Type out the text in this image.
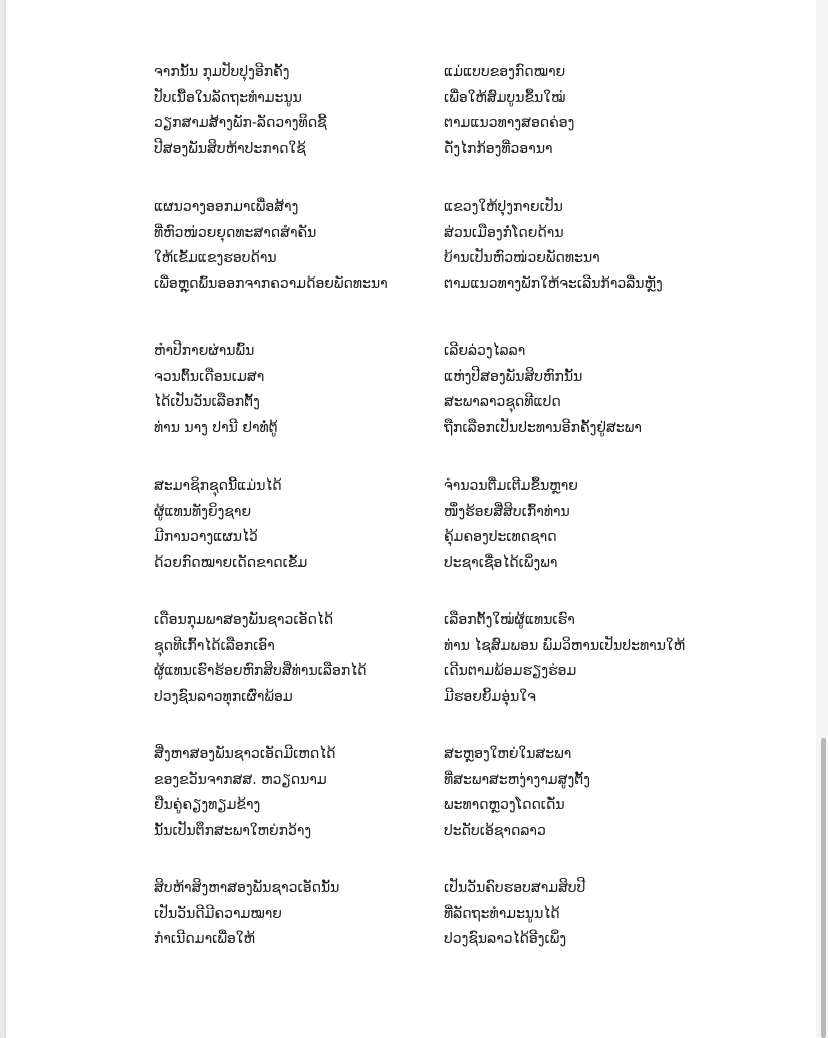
ຈາກນັ້ນ ກຸມປັບປຸງອີກຄັ້ງ
ປັບເນື້ອໃນລັດຖະທຳມະນູນ
ວຽກສາມສ້າງພັກ-ລັດວາງທິດຊີ້
ປີສອງພັນສິບຫ້າປະກາດໃຊ້
ແມ່ແບບຂອງກົດໝາຍ
ເພື່ອໃຫ້ສົມບູນຂຶ້ນໃໝ່
ຕາມແນວທາງສອດຄ່ອງ
ດັ່ງໄກກ້ອງທີ່ວອານາ
ແຜນວາງອອກມາເພື່ອສ້າງ
ທີ່ຫົວໜ່ວຍຍຸດທະສາດສຳຄັນ
ໃຫ້ເຂັ້ມແຂງຮອບດ້ານ
ເພື່ອຫຼຸດພົ້ນອອກຈາກຄວາມດ້ອຍພັດທະນາ
ແຂວງໃຫ້ປຸງກາຍເປັນ
ສ່ວນເມືອງກໍ່ໂດຍດ້ານ
ບ້ານເປັນຫົວໜ່ວຍພັດທະນາ
ຕາມແນວທາງພັກໃຫ້ຈະເລີນກ້າວລື່ນຫຼັງ
ຫຳປີກາຍຜ່ານພົ້ນ
ຈວນຕົ້ນເດືອນເມສາ
ໄດ້ເປັນວັນເລືອກຕັ້ງ
ທ່ານ ນາງ ປານີ ຢາທໍ່ຕູ້
ເລີຍລ່ວງໄລລາ
ແຫ່ງປີສອງພັນສິບຫົກນັ້ນ
ສະພາລາວຊຸດທີແປດ
ຖືກເລືອກເປັນປະທານອີກຄັ້ງຢູ່ສະພາ
ສະມາຊິກຊຸດນີ້ແມ່ນໄດ້
ຜູ້ແທນທັງຍິງຊາຍ
ມີການວາງແຜນໄວ້
ດ້ວຍກົດໝາຍເດັດຂາດເຂັ້ມ
ຈຳນວນຕື່ມເຕີມຂຶ້ນຫຼາຍ
ໜຶ່ງຮ້ອຍສີ່ສິບເກົ້າທ່ານ
ຄຸ້ມຄອງປະເທດຊາດ
ປະຊາເຊື່ອໄດ້ເພິ່ງພາ
ເດືອນກຸມພາສອງພັນຊາວເອັດໄດ້
ຊຸດທີເກົ້າໄດ້ເລືອກເອົາ
ຜູ້ແທນເຮົາຮ້ອຍຫົກສິບສີ່ທ່ານເລືອກໄດ້
ປວງຊົນລາວທຸກເຜົ່າພ້ອມ
ເລືອກຕັ້ງໃໝ່ຜູ້ແທນເຮົາ
ທ່ານ ໄຊສົມພອນ ພົມວິຫານເປັນປະທານໃຫ້
ເດີນຕາມພ້ອມຮຽງຮ່ອມ
ມີຮອຍຍິ້ມອຸ່ນໃຈ
ສີ່ງຫາສອງພັນຊາວເອັດມີເຫດໄດ້
ຂອງຂວັນຈາກສສ. ຫວຽດນາມ
ຢືນຄູ່ຄຽງທຽມຂ້າງ
ນັ້ນເປັນຕຶກສະພາໃຫຍ່ກວ້າງ
ສະຫຼອງໃຫຍ່ໃນສະພາ
ທີ່ສະພາສະຫງ່າງາມສູງຕັ້ງ
ພະທາດຫຼວງໂດດເດັ່ນ
ປະດັບເອ້ຊາດລາວ
ສິບຫ້າສິງຫາສອງພັນຊາວເອັດນັ້ນ
ເປັນວັນດີມີຄວາມໝາຍ
ກຳເນີດມາເພື່ອໃຫ້
ເປັນວັນຄົບຮອບສາມສິບປີ
ທີ່ລັດຖະທຳມະນູນໄດ້
ປວງຊົນລາວໄດ້ອີງເພິ່ງ
